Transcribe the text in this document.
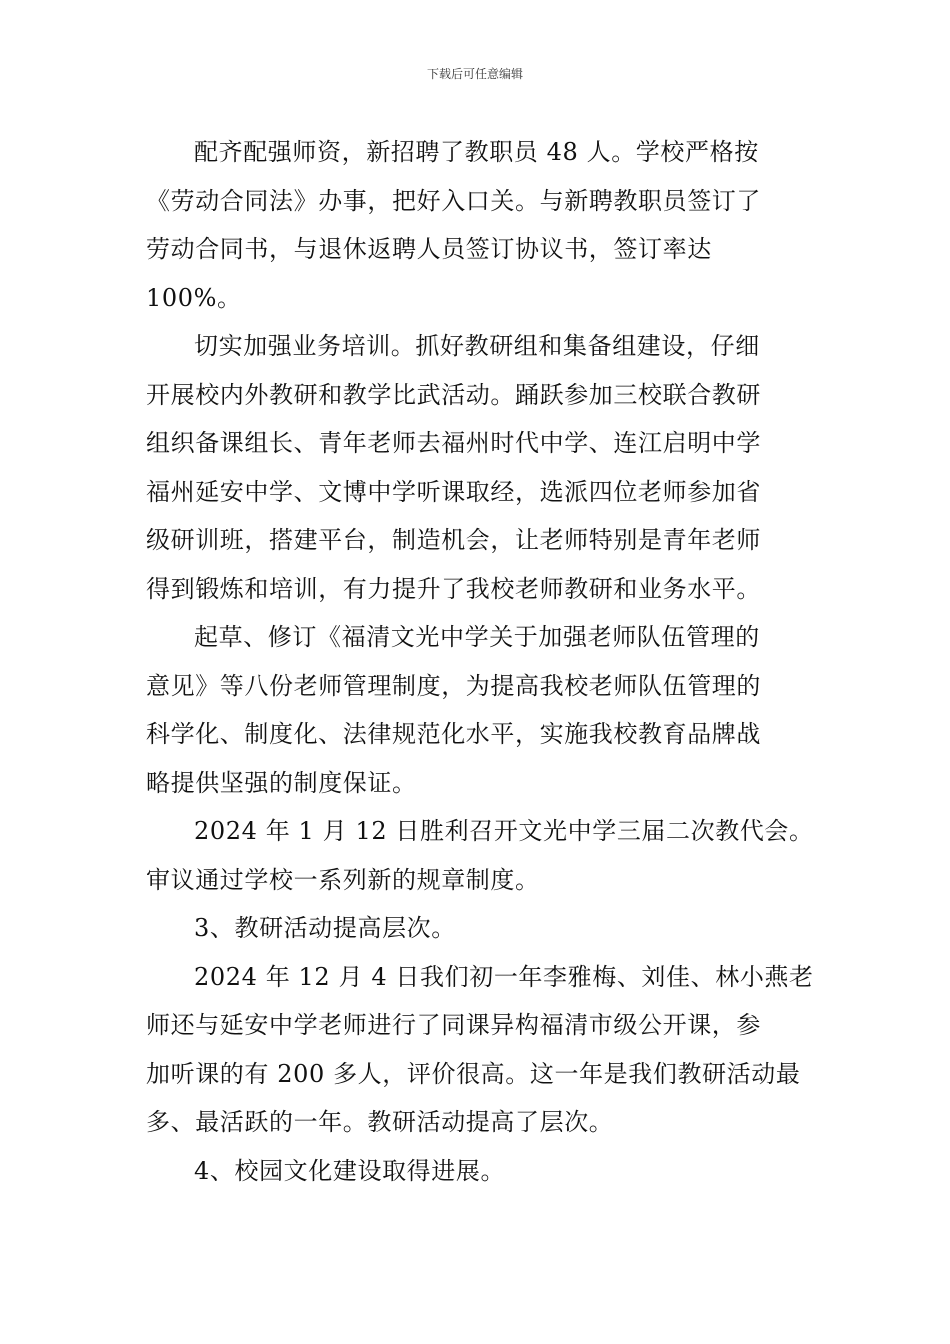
下载后可任意编辑
配齐配强师资，新招聘了教职员 48 人。学校严格按
《劳动合同法》办事，把好入口关。与新聘教职员签订了
劳动合同书，与退休返聘人员签订协议书，签订率达
100%。
切实加强业务培训。抓好教研组和集备组建设，仔细
开展校内外教研和教学比武活动。踊跃参加三校联合教研
组织备课组长、青年老师去福州时代中学、连江启明中学
福州延安中学、文博中学听课取经，选派四位老师参加省
级研训班，搭建平台，制造机会，让老师特别是青年老师
得到锻炼和培训，有力提升了我校老师教研和业务水平。
起草、修订《福清文光中学关于加强老师队伍管理的
意见》等八份老师管理制度，为提高我校老师队伍管理的
科学化、制度化、法律规范化水平，实施我校教育品牌战
略提供坚强的制度保证。
2024 年 1 月 12 日胜利召开文光中学三届二次教代会。
审议通过学校一系列新的规章制度。
3、教研活动提高层次。
2024 年 12 月 4 日我们初一年李雅梅、刘佳、林小燕老
师还与延安中学老师进行了同课异构福清市级公开课，参
加听课的有 200 多人，评价很高。这一年是我们教研活动最
多、最活跃的一年。教研活动提高了层次。
4、校园文化建设取得进展。
